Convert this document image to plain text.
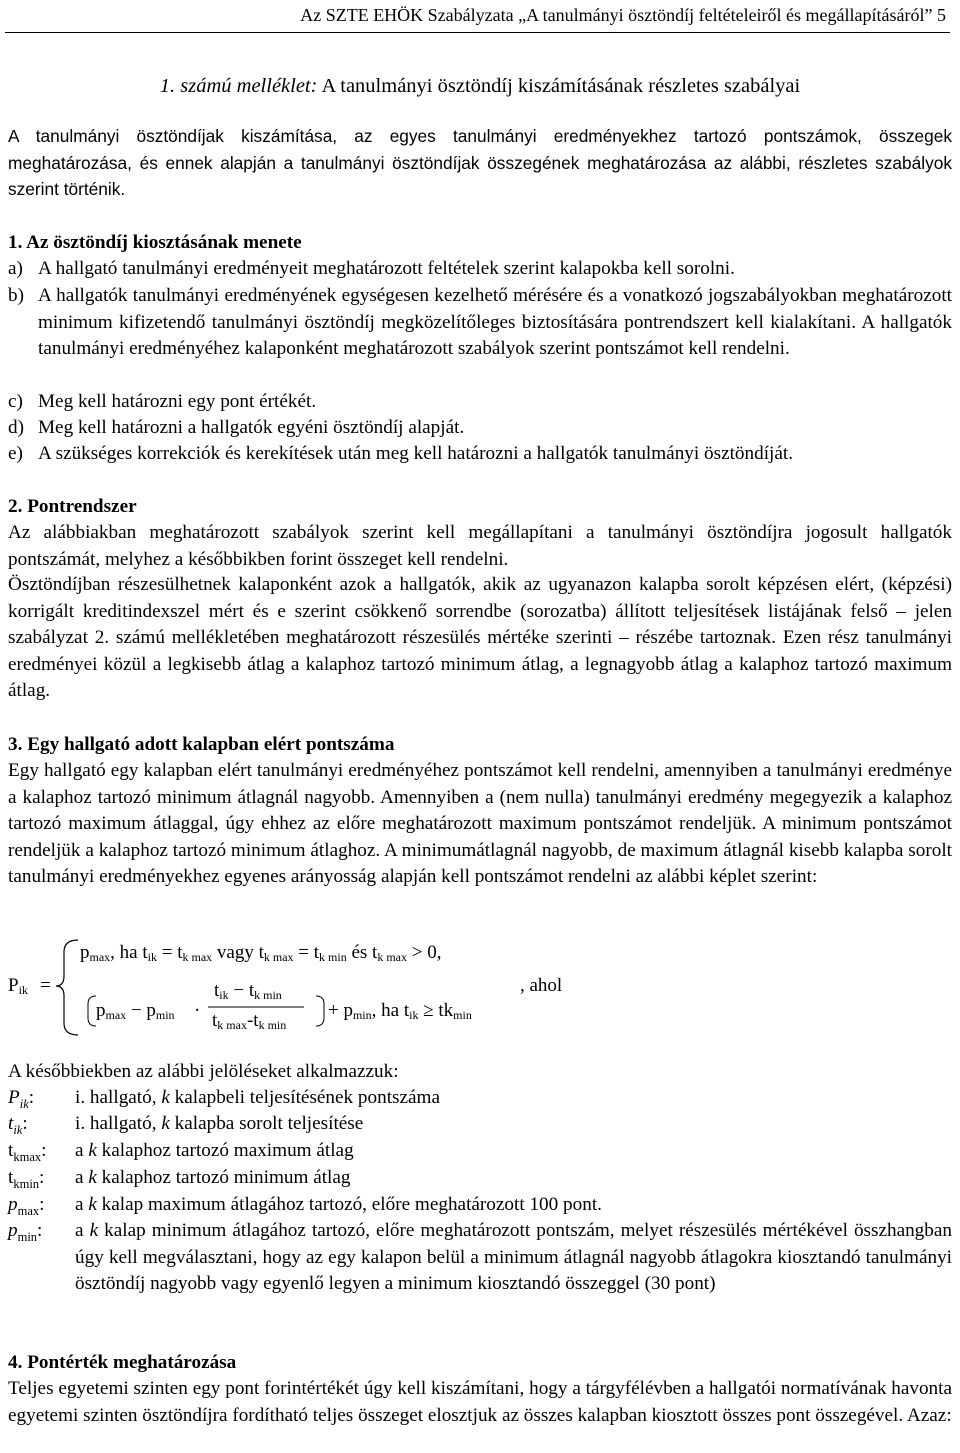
Az SZTE EHÖK Szabályzata „A tanulmányi ösztöndíj feltételeiről és megállapításáról” 5
1. számú melléklet: A tanulmányi ösztöndíj kiszámításának részletes szabályai

A tanulmányi ösztöndíjak kiszámítása, az egyes tanulmányi eredményekhez tartozó pontszámok, összegek meghatározása, és ennek alapján a tanulmányi ösztöndíjak összegének meghatározása az alábbi, részletes szabályok szerint történik.

1. Az ösztöndíj kiosztásának menete
a) A hallgató tanulmányi eredményeit meghatározott feltételek szerint kalapokba kell sorolni.
b) A hallgatók tanulmányi eredményének egységesen kezelhető mérésére és a vonatkozó jogszabályokban meghatározott minimum kifizetendő tanulmányi ösztöndíj megközelítőleges biztosítására pontrendszert kell kialakítani. A hallgatók tanulmányi eredményéhez kalaponként meghatározott szabályok szerint pontszámot kell rendelni.
c) Meg kell határozni egy pont értékét.
d) Meg kell határozni a hallgatók egyéni ösztöndíj alapját.
e) A szükséges korrekciók és kerekítések után meg kell határozni a hallgatók tanulmányi ösztöndíját.
2. Pontrendszer

Az alábbiakban meghatározott szabályok szerint kell megállapítani a tanulmányi ösztöndíjra jogosult hallgatók pontszámát, melyhez a későbbikben forint összeget kell rendelni.

Ösztöndíjban részesülhetnek kalaponként azok a hallgatók, akik az ugyanazon kalapba sorolt képzésen elért, (képzési) korrigált kreditindexszel mért és e szerint csökkenő sorrendbe (sorozatba) állított teljesítések listájának felső – jelen szabályzat 2. számú mellékletében meghatározott részesülés mértéke szerinti – részébe tartoznak. Ezen rész tanulmányi eredményei közül a legkisebb átlag a kalaphoz tartozó minimum átlag, a legnagyobb átlag a kalaphoz tartozó maximum átlag.

3. Egy hallgató adott kalapban elért pontszáma

Egy hallgató egy kalapban elért tanulmányi eredményéhez pontszámot kell rendelni, amennyiben a tanulmányi eredménye a kalaphoz tartozó minimum átlagnál nagyobb. Amennyiben a (nem nulla) tanulmányi eredmény megegyezik a kalaphoz tartozó maximum átlaggal, úgy ehhez az előre meghatározott maximum pontszámot rendeljük. A minimum pontszámot rendeljük a kalaphoz tartozó minimum átlaghoz. A minimumátlagnál nagyobb, de maximum átlagnál kisebb kalapba sorolt tanulmányi eredményekhez egyenes arányosság alapján kell pontszámot rendelni az alábbi képlet szerint:

$P_{ik}$ =
$p_{max}$, ha $t_{ik} = t_{k max}$ vagy $t_{k max} = t_{k min}$ és $t_{k max} > 0$,
$p_{max} - p_{min}$ ·
$t_{ik} - t_{k min}$
$t_{k max}-t_{k min}$
+ $p_{min}$, ha $t_{ik} \ge tk_{min}$
, ahol

A későbbiekben az alábbi jelöléseket alkalmazzuk:

$P_{ik}$:	i. hallgató, k kalapbeli teljesítésének pontszáma
$t_{ik}$:	i. hallgató, k kalapba sorolt teljesítése
$t_{kmax}$:	a k kalaphoz tartozó maximum átlag
$t_{kmin}$:	a k kalaphoz tartozó minimum átlag
$p_{max}$:	a k kalap maximum átlagához tartozó, előre meghatározott 100 pont.
$p_{min}$:	a k kalap minimum átlagához tartozó, előre meghatározott pontszám, melyet részesülés mértékével összhangban úgy kell megválasztani, hogy az egy kalapon belül a minimum átlagnál nagyobb átlagokra kiosztandó tanulmányi ösztöndíj nagyobb vagy egyenlő legyen a minimum kiosztandó összeggel (30 pont)
4. Pontérték meghatározása

Teljes egyetemi szinten egy pont forintértékét úgy kell kiszámítani, hogy a tárgyfélévben a hallgatói normatívának havonta egyetemi szinten ösztöndíjra fordítható teljes összeget elosztjuk az összes kalapban kiosztott összes pont összegével. Azaz:
